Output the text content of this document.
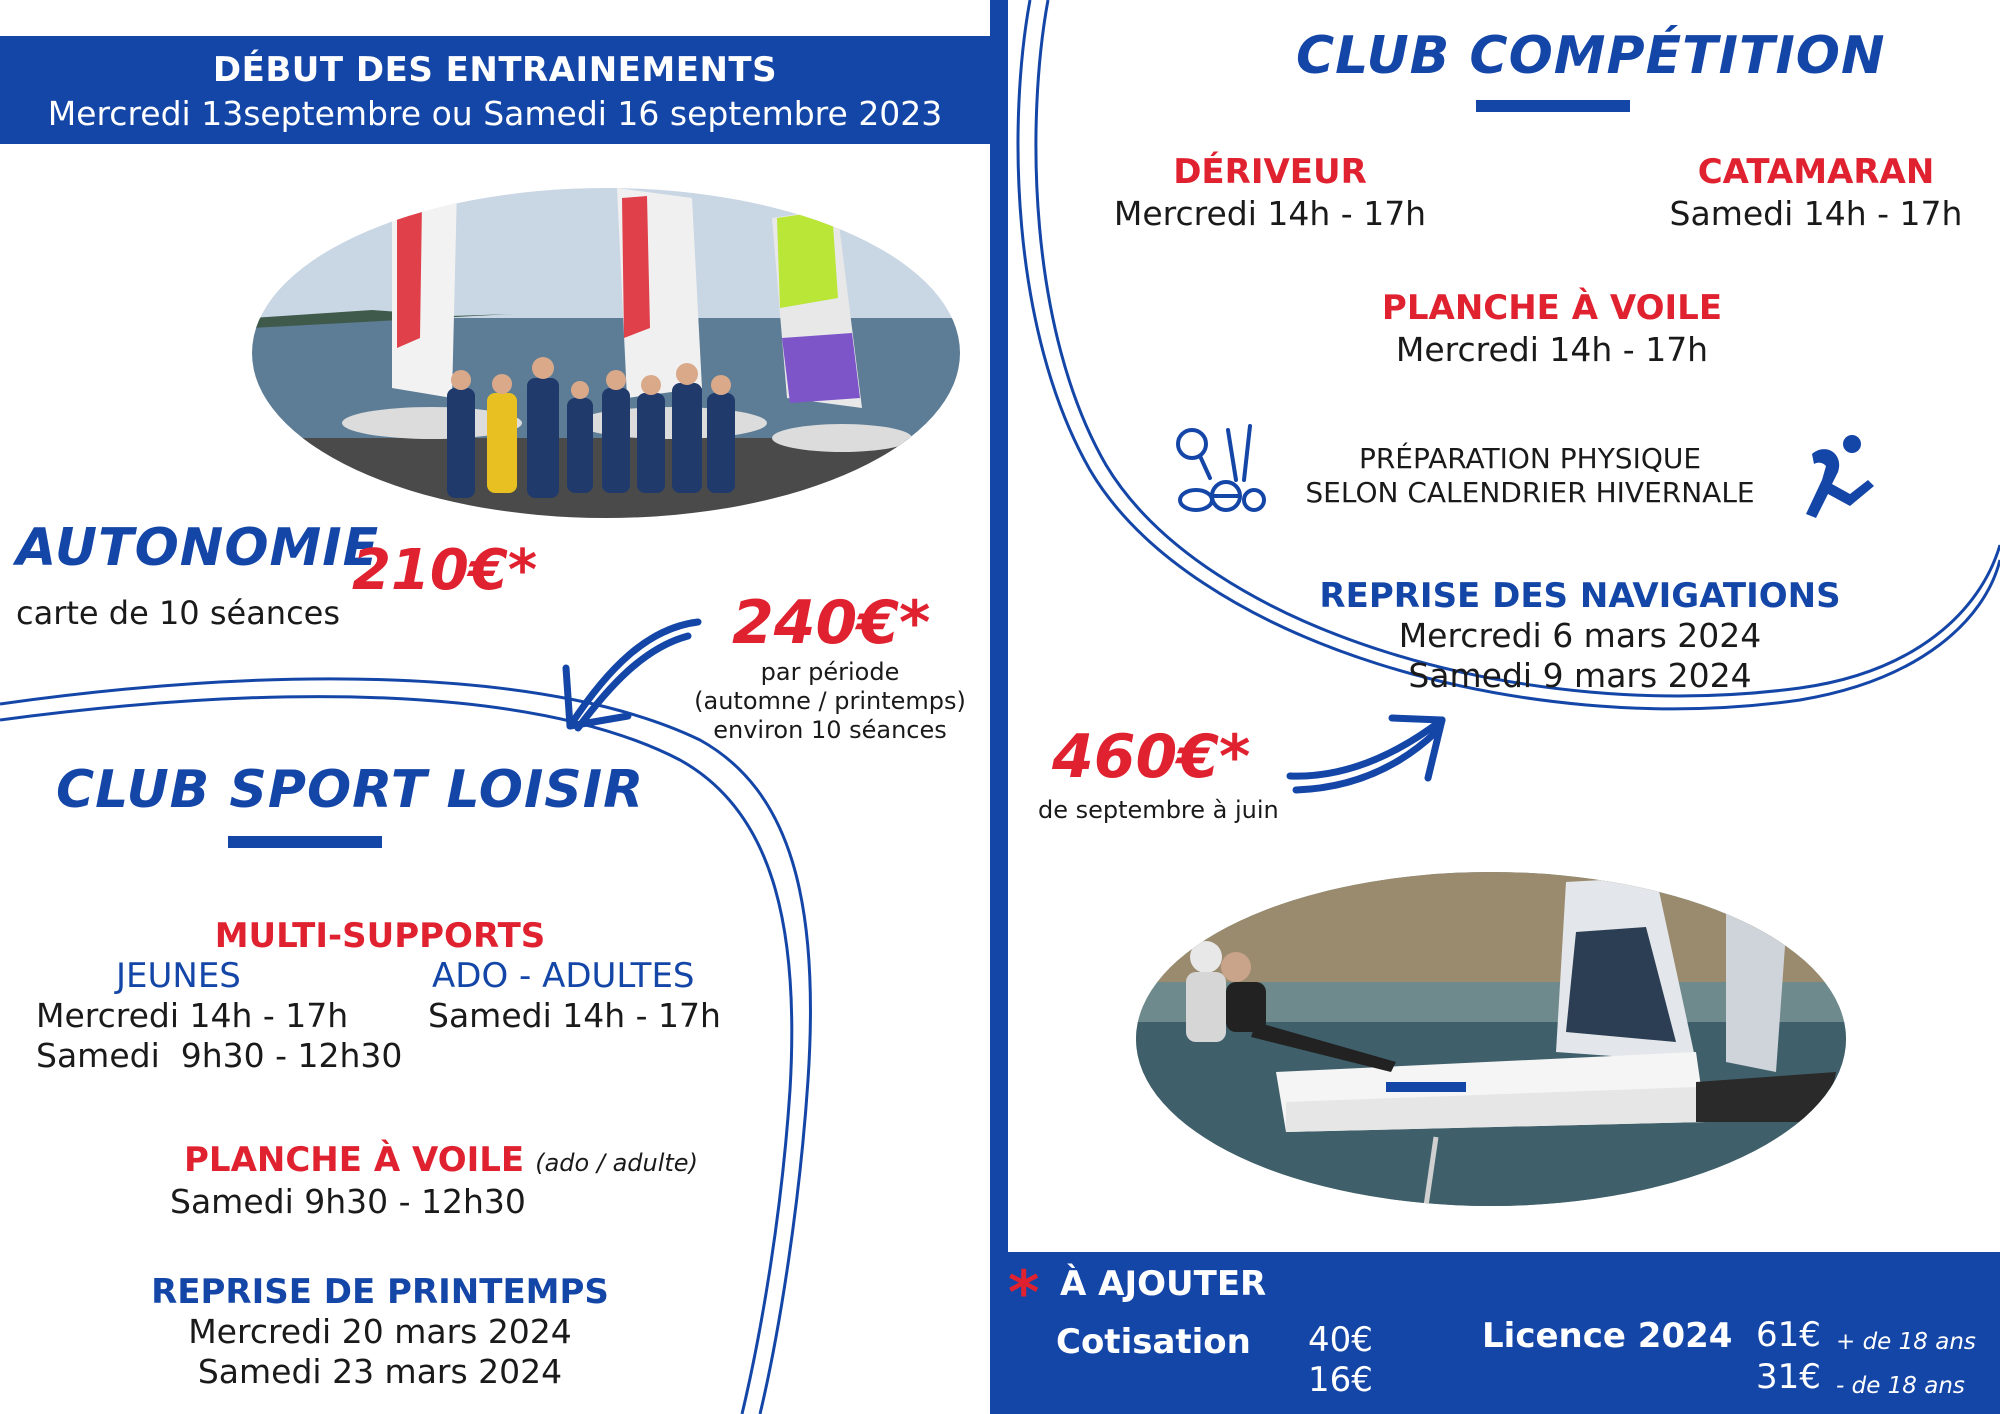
DÉBUT DES ENTRAINEMENTS
Mercredi 13septembre ou Samedi 16 septembre 2023
AUTONOMIE
210€*
carte de 10 séances	240€*
par période
(automne / printemps)
environ 10 séances
CLUB SPORT LOISIR
MULTI-SUPPORTS
JEUNES	ADO - ADULTES
Mercredi 14h - 17h
Samedi  9h30 - 12h30
Samedi 14h - 17h
PLANCHE À VOILE (ado / adulte)
Samedi 9h30 - 12h30
REPRISE DE PRINTEMPS
Mercredi 20 mars 2024
Samedi 23 mars 2024
CLUB COMPÉTITION
DÉRIVEUR
Mercredi 14h - 17h
CATAMARAN
Samedi 14h - 17h
PLANCHE À VOILE
Mercredi 14h - 17h
PRÉPARATION PHYSIQUE
SELON CALENDRIER HIVERNALE
REPRISE DES NAVIGATIONS
Mercredi 6 mars 2024
Samedi 9 mars 2024
460€*
de septembre à juin
* À AJOUTER
Cotisation 40€
16€
Licence 2024 61€
31€
+ de 18 ans
- de 18 ans
